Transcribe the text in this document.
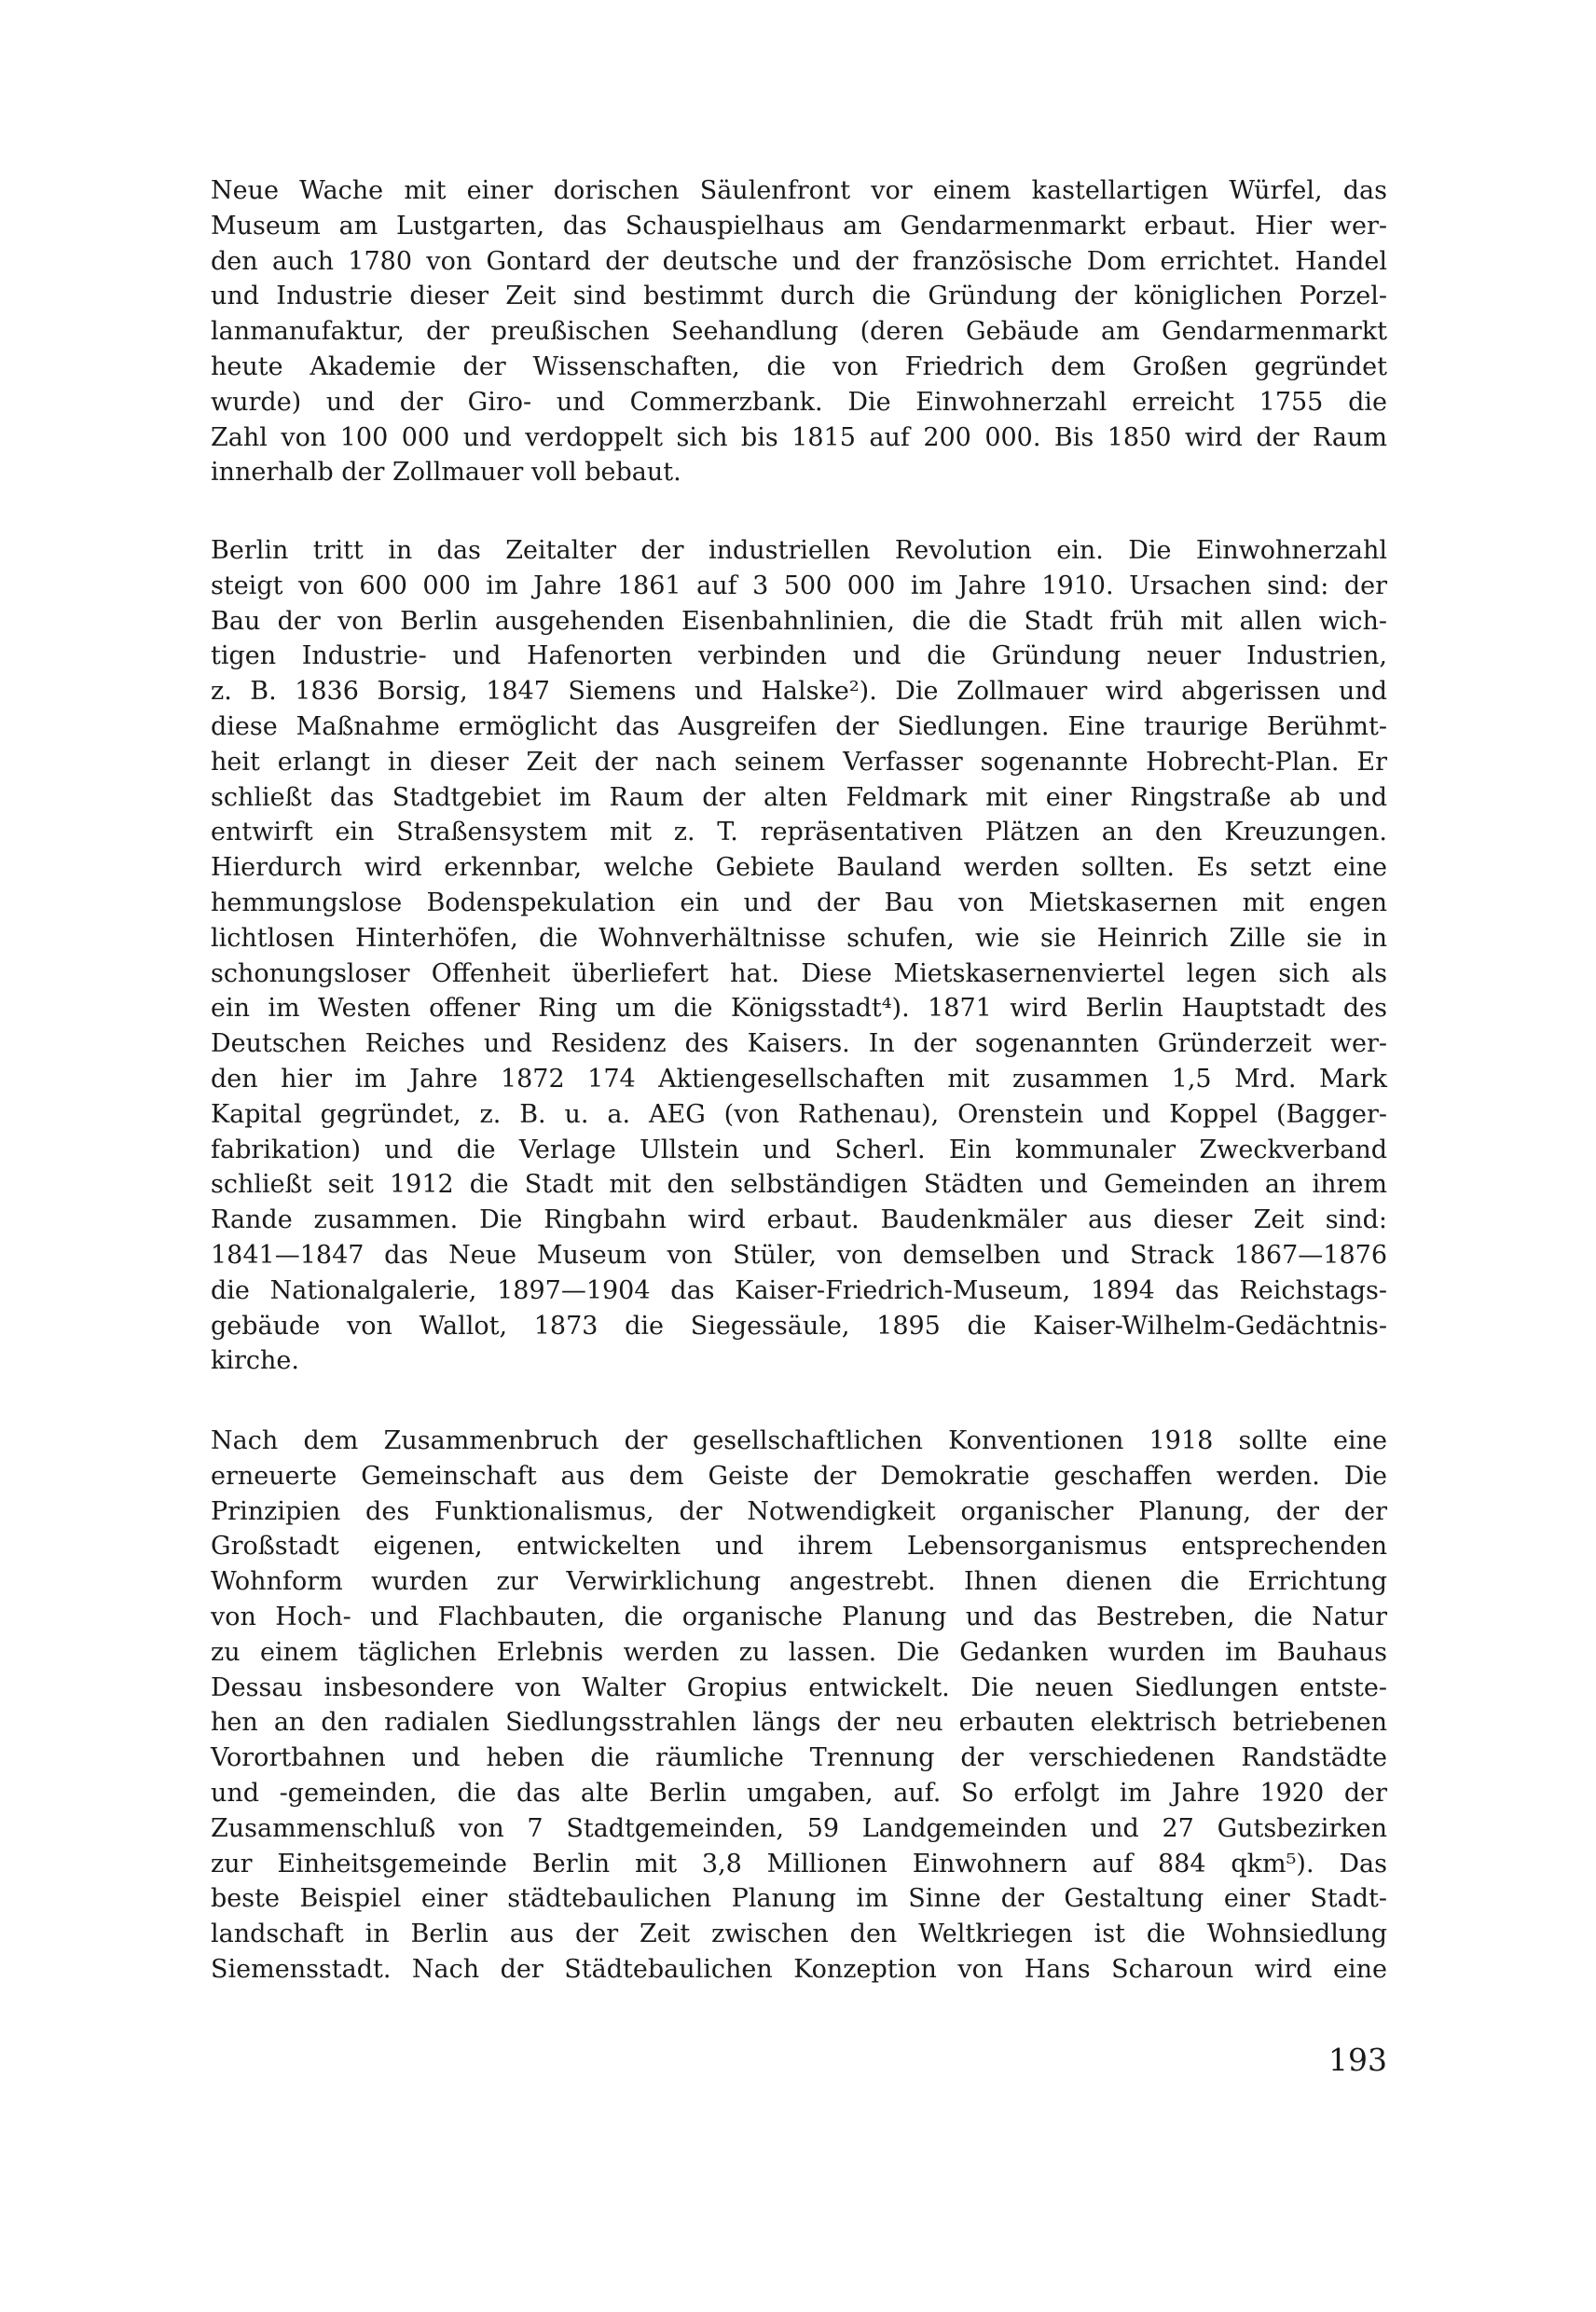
Neue Wache mit einer dorischen Säulenfront vor einem kastellartigen Würfel, das
Museum am Lustgarten, das Schauspielhaus am Gendarmenmarkt erbaut. Hier wer-
den auch 1780 von Gontard der deutsche und der französische Dom errichtet. Handel
und Industrie dieser Zeit sind bestimmt durch die Gründung der königlichen Porzel-
lanmanufaktur, der preußischen Seehandlung (deren Gebäude am Gendarmenmarkt
heute Akademie der Wissenschaften, die von Friedrich dem Großen gegründet
wurde) und der Giro- und Commerzbank. Die Einwohnerzahl erreicht 1755 die
Zahl von 100 000 und verdoppelt sich bis 1815 auf 200 000. Bis 1850 wird der Raum
innerhalb der Zollmauer voll bebaut.
Berlin tritt in das Zeitalter der industriellen Revolution ein. Die Einwohnerzahl
steigt von 600 000 im Jahre 1861 auf 3 500 000 im Jahre 1910. Ursachen sind: der
Bau der von Berlin ausgehenden Eisenbahnlinien, die die Stadt früh mit allen wich-
tigen Industrie- und Hafenorten verbinden und die Gründung neuer Industrien,
z. B. 1836 Borsig, 1847 Siemens und Halske²). Die Zollmauer wird abgerissen und
diese Maßnahme ermöglicht das Ausgreifen der Siedlungen. Eine traurige Berühmt-
heit erlangt in dieser Zeit der nach seinem Verfasser sogenannte Hobrecht-Plan. Er
schließt das Stadtgebiet im Raum der alten Feldmark mit einer Ringstraße ab und
entwirft ein Straßensystem mit z. T. repräsentativen Plätzen an den Kreuzungen.
Hierdurch wird erkennbar, welche Gebiete Bauland werden sollten. Es setzt eine
hemmungslose Bodenspekulation ein und der Bau von Mietskasernen mit engen
lichtlosen Hinterhöfen, die Wohnverhältnisse schufen, wie sie Heinrich Zille sie in
schonungsloser Offenheit überliefert hat. Diese Mietskasernenviertel legen sich als
ein im Westen offener Ring um die Königsstadt⁴). 1871 wird Berlin Hauptstadt des
Deutschen Reiches und Residenz des Kaisers. In der sogenannten Gründerzeit wer-
den hier im Jahre 1872 174 Aktiengesellschaften mit zusammen 1,5 Mrd. Mark
Kapital gegründet, z. B. u. a. AEG (von Rathenau), Orenstein und Koppel (Bagger-
fabrikation) und die Verlage Ullstein und Scherl. Ein kommunaler Zweckverband
schließt seit 1912 die Stadt mit den selbständigen Städten und Gemeinden an ihrem
Rande zusammen. Die Ringbahn wird erbaut. Baudenkmäler aus dieser Zeit sind:
1841—1847 das Neue Museum von Stüler, von demselben und Strack 1867—1876
die Nationalgalerie, 1897—1904 das Kaiser-Friedrich-Museum, 1894 das Reichstags-
gebäude von Wallot, 1873 die Siegessäule, 1895 die Kaiser-Wilhelm-Gedächtnis-
kirche.
Nach dem Zusammenbruch der gesellschaftlichen Konventionen 1918 sollte eine
erneuerte Gemeinschaft aus dem Geiste der Demokratie geschaffen werden. Die
Prinzipien des Funktionalismus, der Notwendigkeit organischer Planung, der der
Großstadt eigenen, entwickelten und ihrem Lebensorganismus entsprechenden
Wohnform wurden zur Verwirklichung angestrebt. Ihnen dienen die Errichtung
von Hoch- und Flachbauten, die organische Planung und das Bestreben, die Natur
zu einem täglichen Erlebnis werden zu lassen. Die Gedanken wurden im Bauhaus
Dessau insbesondere von Walter Gropius entwickelt. Die neuen Siedlungen entste-
hen an den radialen Siedlungsstrahlen längs der neu erbauten elektrisch betriebenen
Vorortbahnen und heben die räumliche Trennung der verschiedenen Randstädte
und -gemeinden, die das alte Berlin umgaben, auf. So erfolgt im Jahre 1920 der
Zusammenschluß von 7 Stadtgemeinden, 59 Landgemeinden und 27 Gutsbezirken
zur Einheitsgemeinde Berlin mit 3,8 Millionen Einwohnern auf 884 qkm⁵). Das
beste Beispiel einer städtebaulichen Planung im Sinne der Gestaltung einer Stadt-
landschaft in Berlin aus der Zeit zwischen den Weltkriegen ist die Wohnsiedlung
Siemensstadt. Nach der Städtebaulichen Konzeption von Hans Scharoun wird eine
193
